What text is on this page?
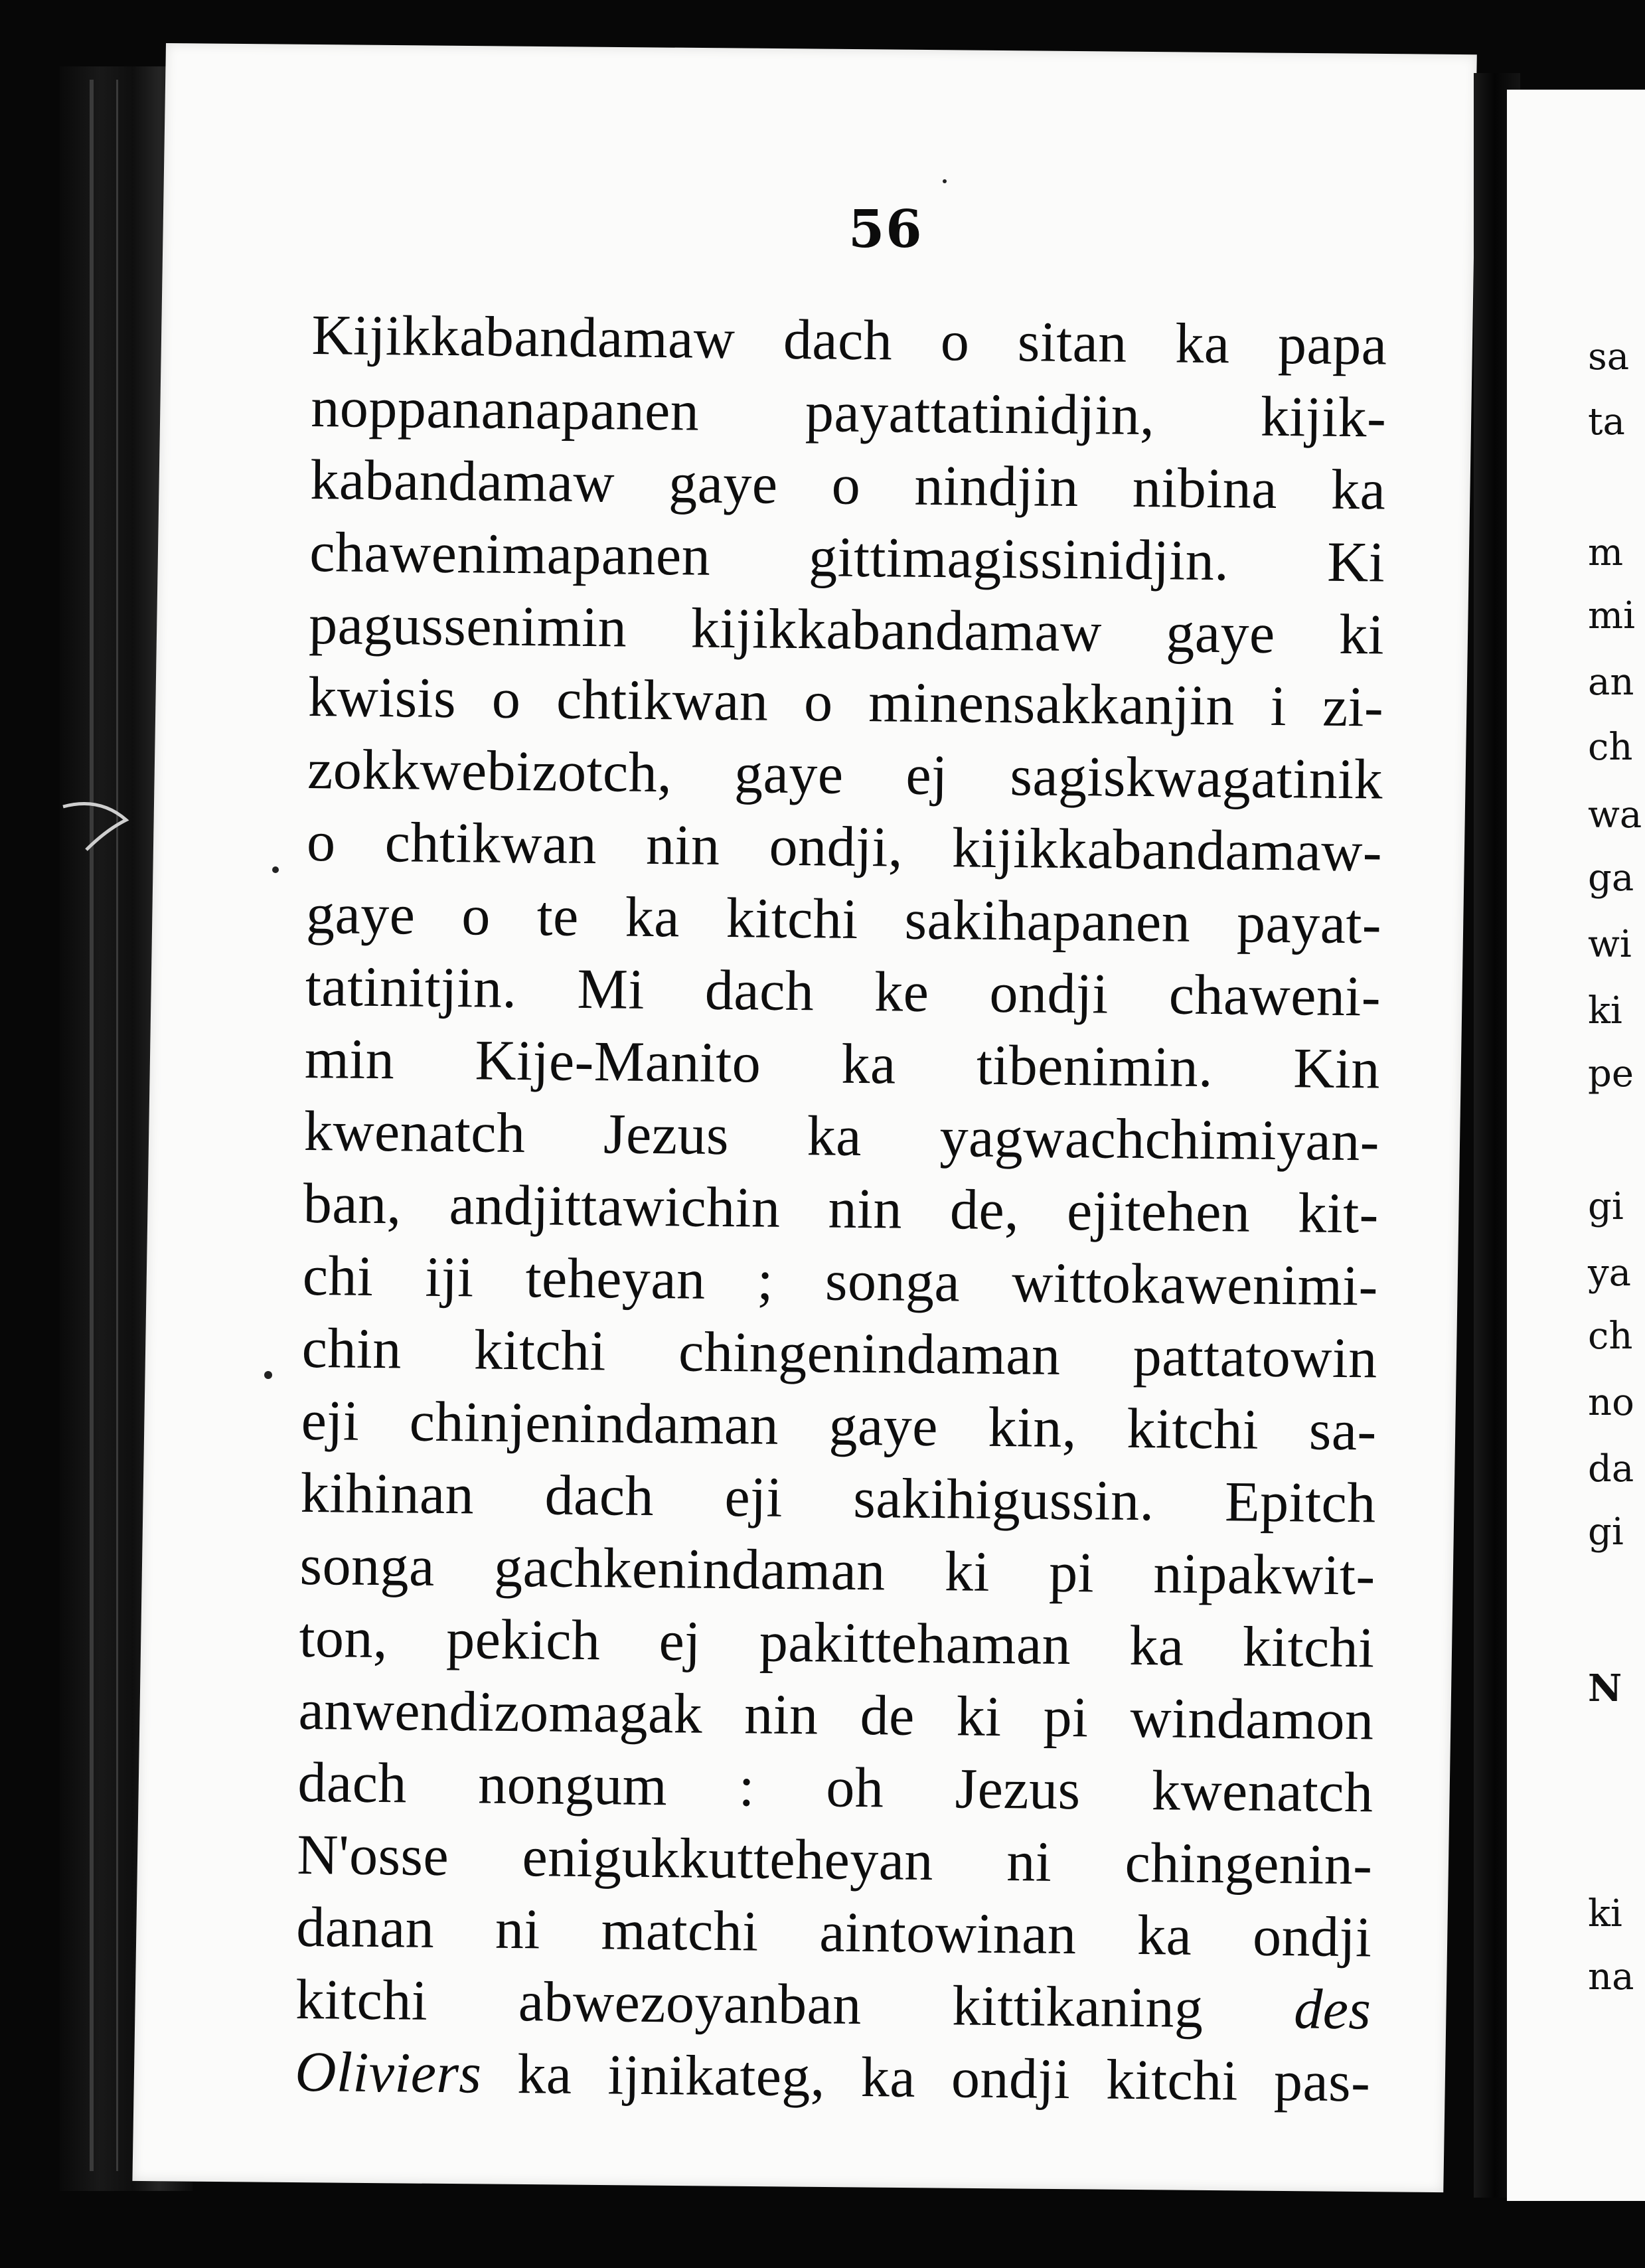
56
Kijikkabandamaw dach o sitan ka papa
noppananapanen payattatinidjin, kijik-
kabandamaw gaye o nindjin nibina ka
chawenimapanen gittimagissinidjin. Ki
pagussenimin kijikkabandamaw gaye ki
kwisis o chtikwan o minensakkanjin i zi-
zokkwebizotch, gaye ej sagiskwagatinik
o chtikwan nin ondji, kijikkabandamaw-
gaye o te ka kitchi sakihapanen payat-
tatinitjin. Mi dach ke ondji chaweni-
min Kije-Manito ka tibenimin. Kin
kwenatch Jezus ka yagwachchimiyan-
ban, andjittawichin nin de, ejitehen kit-
chi iji teheyan ; songa wittokawenimi-
chin kitchi chingenindaman pattatowin
eji chinjenindaman gaye kin, kitchi sa-
kihinan dach eji sakihigussin. Epitch
songa gachkenindaman ki pi nipakwit-
ton, pekich ej pakittehaman ka kitchi
anwendizomagak nin de ki pi windamon
dach nongum : oh Jezus kwenatch
N'osse enigukkutteheyan ni chingenin-
danan ni matchi aintowinan ka ondji
kitchi abwezoyanban kittikaning des
Oliviers ka ijnikateg, ka ondji kitchi pas-
sa
ta
m
mi
an
ch
wa
ga
wi
ki
pe
gi
ya
ch
no
da
gi
N
ki
na
